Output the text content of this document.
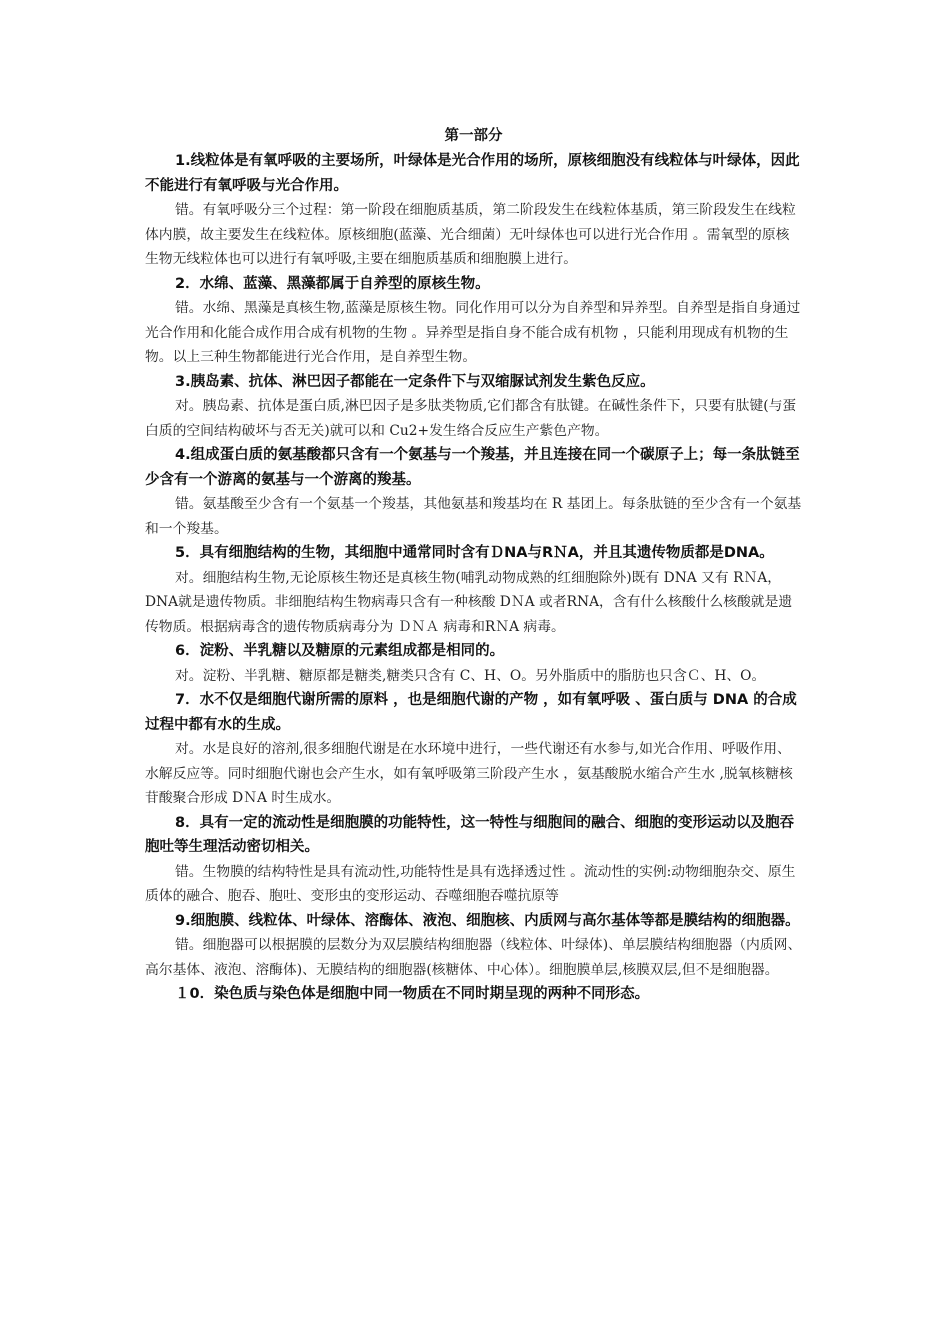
第一部分

1.线粒体是有氧呼吸的主要场所，叶绿体是光合作用的场所，原核细胞没有线粒体与叶绿体，因此不能进行有氧呼吸与光合作用。

错。有氧呼吸分三个过程：第一阶段在细胞质基质，第二阶段发生在线粒体基质，第三阶段发生在线粒体内膜，故主要发生在线粒体。原核细胞(蓝藻、光合细菌）无叶绿体也可以进行光合作用 。需氧型的原核生物无线粒体也可以进行有氧呼吸,主要在细胞质基质和细胞膜上进行。

2．水绵、蓝藻、黑藻都属于自养型的原核生物。

错。水绵、黑藻是真核生物,蓝藻是原核生物。同化作用可以分为自养型和异养型。自养型是指自身通过光合作用和化能合成作用合成有机物的生物 。异养型是指自身不能合成有机物 ，只能利用现成有机物的生物。以上三种生物都能进行光合作用，是自养型生物。

3.胰岛素、抗体、淋巴因子都能在一定条件下与双缩脲试剂发生紫色反应。

对。胰岛素、抗体是蛋白质,淋巴因子是多肽类物质,它们都含有肽键。在碱性条件下，只要有肽键(与蛋白质的空间结构破坏与否无关)就可以和 Cu2+发生络合反应生产紫色产物。

4.组成蛋白质的氨基酸都只含有一个氨基与一个羧基，并且连接在同一个碳原子上；每一条肽链至少含有一个游离的氨基与一个游离的羧基。

错。氨基酸至少含有一个氨基一个羧基，其他氨基和羧基均在 R 基团上。每条肽链的至少含有一个氨基和一个羧基。

5．具有细胞结构的生物，其细胞中通常同时含有ＤNA与RＮA，并且其遗传物质都是DNA。

对。细胞结构生物,无论原核生物还是真核生物(哺乳动物成熟的红细胞除外)既有 DNA 又有 RＮA，DNA就是遗传物质。非细胞结构生物病毒只含有一种核酸 DＮA 或者RNA，含有什么核酸什么核酸就是遗传物质。根据病毒含的遗传物质病毒分为 ＤＮＡ 病毒和RＮA 病毒。

6．淀粉、半乳糖以及糖原的元素组成都是相同的。

对。淀粉、半乳糖、糖原都是糖类,糖类只含有 C、H、O。另外脂质中的脂肪也只含Ｃ、H、O。

7．水不仅是细胞代谢所需的原料 ，也是细胞代谢的产物 ，如有氧呼吸 、蛋白质与 DNA 的合成过程中都有水的生成。

对。水是良好的溶剂,很多细胞代谢是在水环境中进行，一些代谢还有水参与,如光合作用、呼吸作用、水解反应等。同时细胞代谢也会产生水，如有氧呼吸第三阶段产生水 ，氨基酸脱水缩合产生水 ,脱氧核糖核苷酸聚合形成 DＮA 时生成水。

8．具有一定的流动性是细胞膜的功能特性，这一特性与细胞间的融合、细胞的变形运动以及胞吞胞吐等生理活动密切相关。

错。生物膜的结构特性是具有流动性,功能特性是具有选择透过性 。流动性的实例:动物细胞杂交、原生质体的融合、胞吞、胞吐、变形虫的变形运动、吞噬细胞吞噬抗原等

9.细胞膜、线粒体、叶绿体、溶酶体、液泡、细胞核、内质网与高尔基体等都是膜结构的细胞器。

错。细胞器可以根据膜的层数分为双层膜结构细胞器（线粒体、叶绿体)、单层膜结构细胞器（内质网、高尔基体、液泡、溶酶体)、无膜结构的细胞器(核糖体、中心体）。细胞膜单层,核膜双层,但不是细胞器。

１0．染色质与染色体是细胞中同一物质在不同时期呈现的两种不同形态。
